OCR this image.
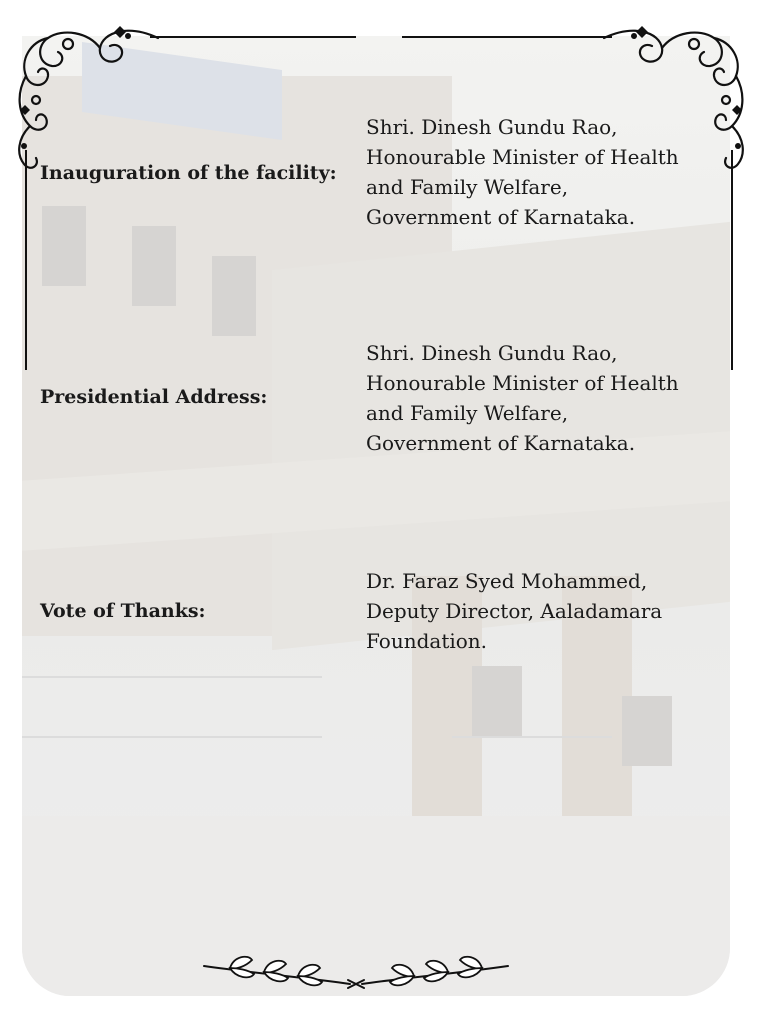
Inauguration of the facility:
Shri. Dinesh Gundu Rao,
Honourable Minister of Health
and Family Welfare,
Government of Karnataka.
Presidential Address:
Shri. Dinesh Gundu Rao,
Honourable Minister of Health
and Family Welfare,
Government of Karnataka.
Vote of Thanks:
Dr. Faraz Syed Mohammed,
Deputy Director, Aaladamara
Foundation.
